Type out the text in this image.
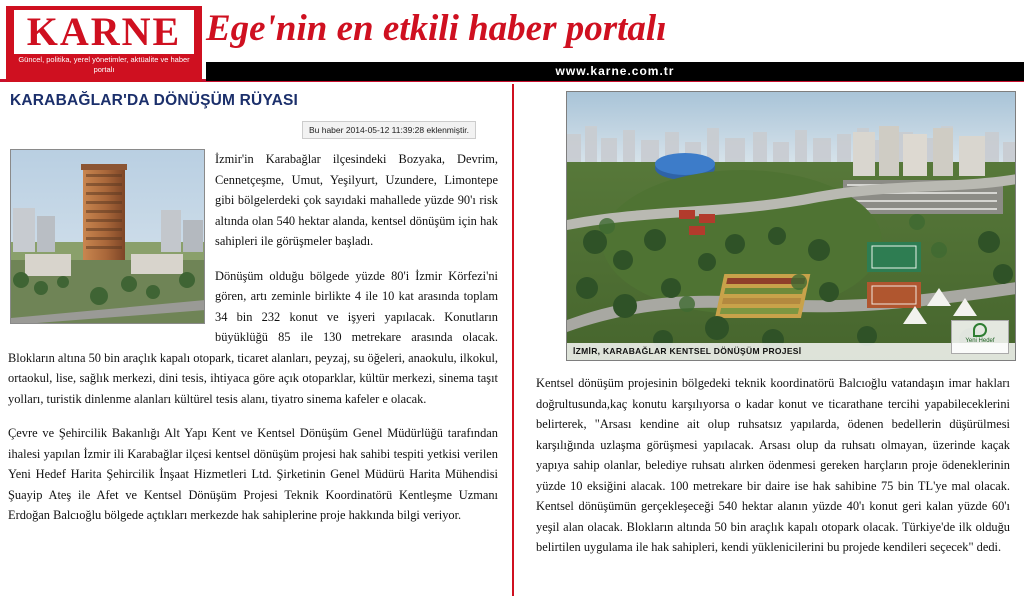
KARNE
Güncel, politika, yerel yönetimler, aktüalite ve haber portalı
Ege'nin en etkili haber portalı
www.karne.com.tr
KARABAĞLAR'DA DÖNÜŞÜM RÜYASI
Bu haber 2014-05-12 11:39:28 eklenmiştir.

İzmir'in Karabağlar ilçesindeki Bozyaka, Devrim, Cennetçeşme, Umut, Yeşilyurt, Uzundere, Limontepe gibi bölgelerdeki çok sayıdaki mahallede yüzde 90'ı risk altında olan 540 hektar alanda, kentsel dönüşüm için hak sahipleri ile görüşmeler başladı.

Dönüşüm olduğu bölgede yüzde 80'i İzmir Körfezi'ni gören, artı zeminle birlikte 4 ile 10 kat arasında toplam 34 bin 232 konut ve işyeri yapılacak. Konutların büyüklüğü 85 ile 130 metrekare arasında olacak. Blokların altına 50 bin araçlık kapalı otopark, ticaret alanları, peyzaj, su öğeleri, anaokulu, ilkokul, ortaokul, lise, sağlık merkezi, dini tesis, ihtiyaca göre açık otoparklar, kültür merkezi, sinema taşıt yolları, turistik dinlenme alanları kültürel tesis alanı, tiyatro sinema kafeler e olacak.

Çevre ve Şehircilik Bakanlığı Alt Yapı Kent ve Kentsel Dönüşüm Genel Müdürlüğü tarafından ihalesi yapılan İzmir ili Karabağlar ilçesi kentsel dönüşüm projesi hak sahibi tespiti yetkisi verilen Yeni Hedef Harita Şehircilik İnşaat Hizmetleri Ltd. Şirketinin Genel Müdürü Harita Mühendisi Şuayip Ateş ile Afet ve Kentsel Dönüşüm Projesi Teknik Koordinatörü Kentleşme Uzmanı Erdoğan Balcıoğlu bölgede açtıkları merkezde hak sahiplerine proje hakkında bilgi veriyor.

İZMİR, KARABAĞLAR KENTSEL DÖNÜŞÜM PROJESİ
Yeni Hedef

Kentsel dönüşüm projesinin bölgedeki teknik koordinatörü Balcıoğlu vatandaşın imar hakları doğrultusunda,kaç konutu karşılıyorsa o kadar konut ve ticarathane tercihi yapabileceklerini belirterek, "Arsası kendine ait olup ruhsatsız yapılarda, ödenen bedellerin düşürülmesi karşılığında uzlaşma görüşmesi yapılacak. Arsası olup da ruhsatı olmayan, üzerinde kaçak yapıya sahip olanlar, belediye ruhsatı alırken ödenmesi gereken harçların proje ödeneklerinin yüzde 10 eksiğini alacak. 100 metrekare bir daire ise hak sahibine 75 bin TL'ye mal olacak. Kentsel dönüşümün gerçekleşeceği 540 hektar alanın yüzde 40'ı konut geri kalan yüzde 60'ı yeşil alan olacak. Blokların altında 50 bin araçlık kapalı otopark olacak. Türkiye'de ilk olduğu belirtilen uygulama ile hak sahipleri, kendi yüklenicilerini bu projede kendileri seçecek" dedi.
